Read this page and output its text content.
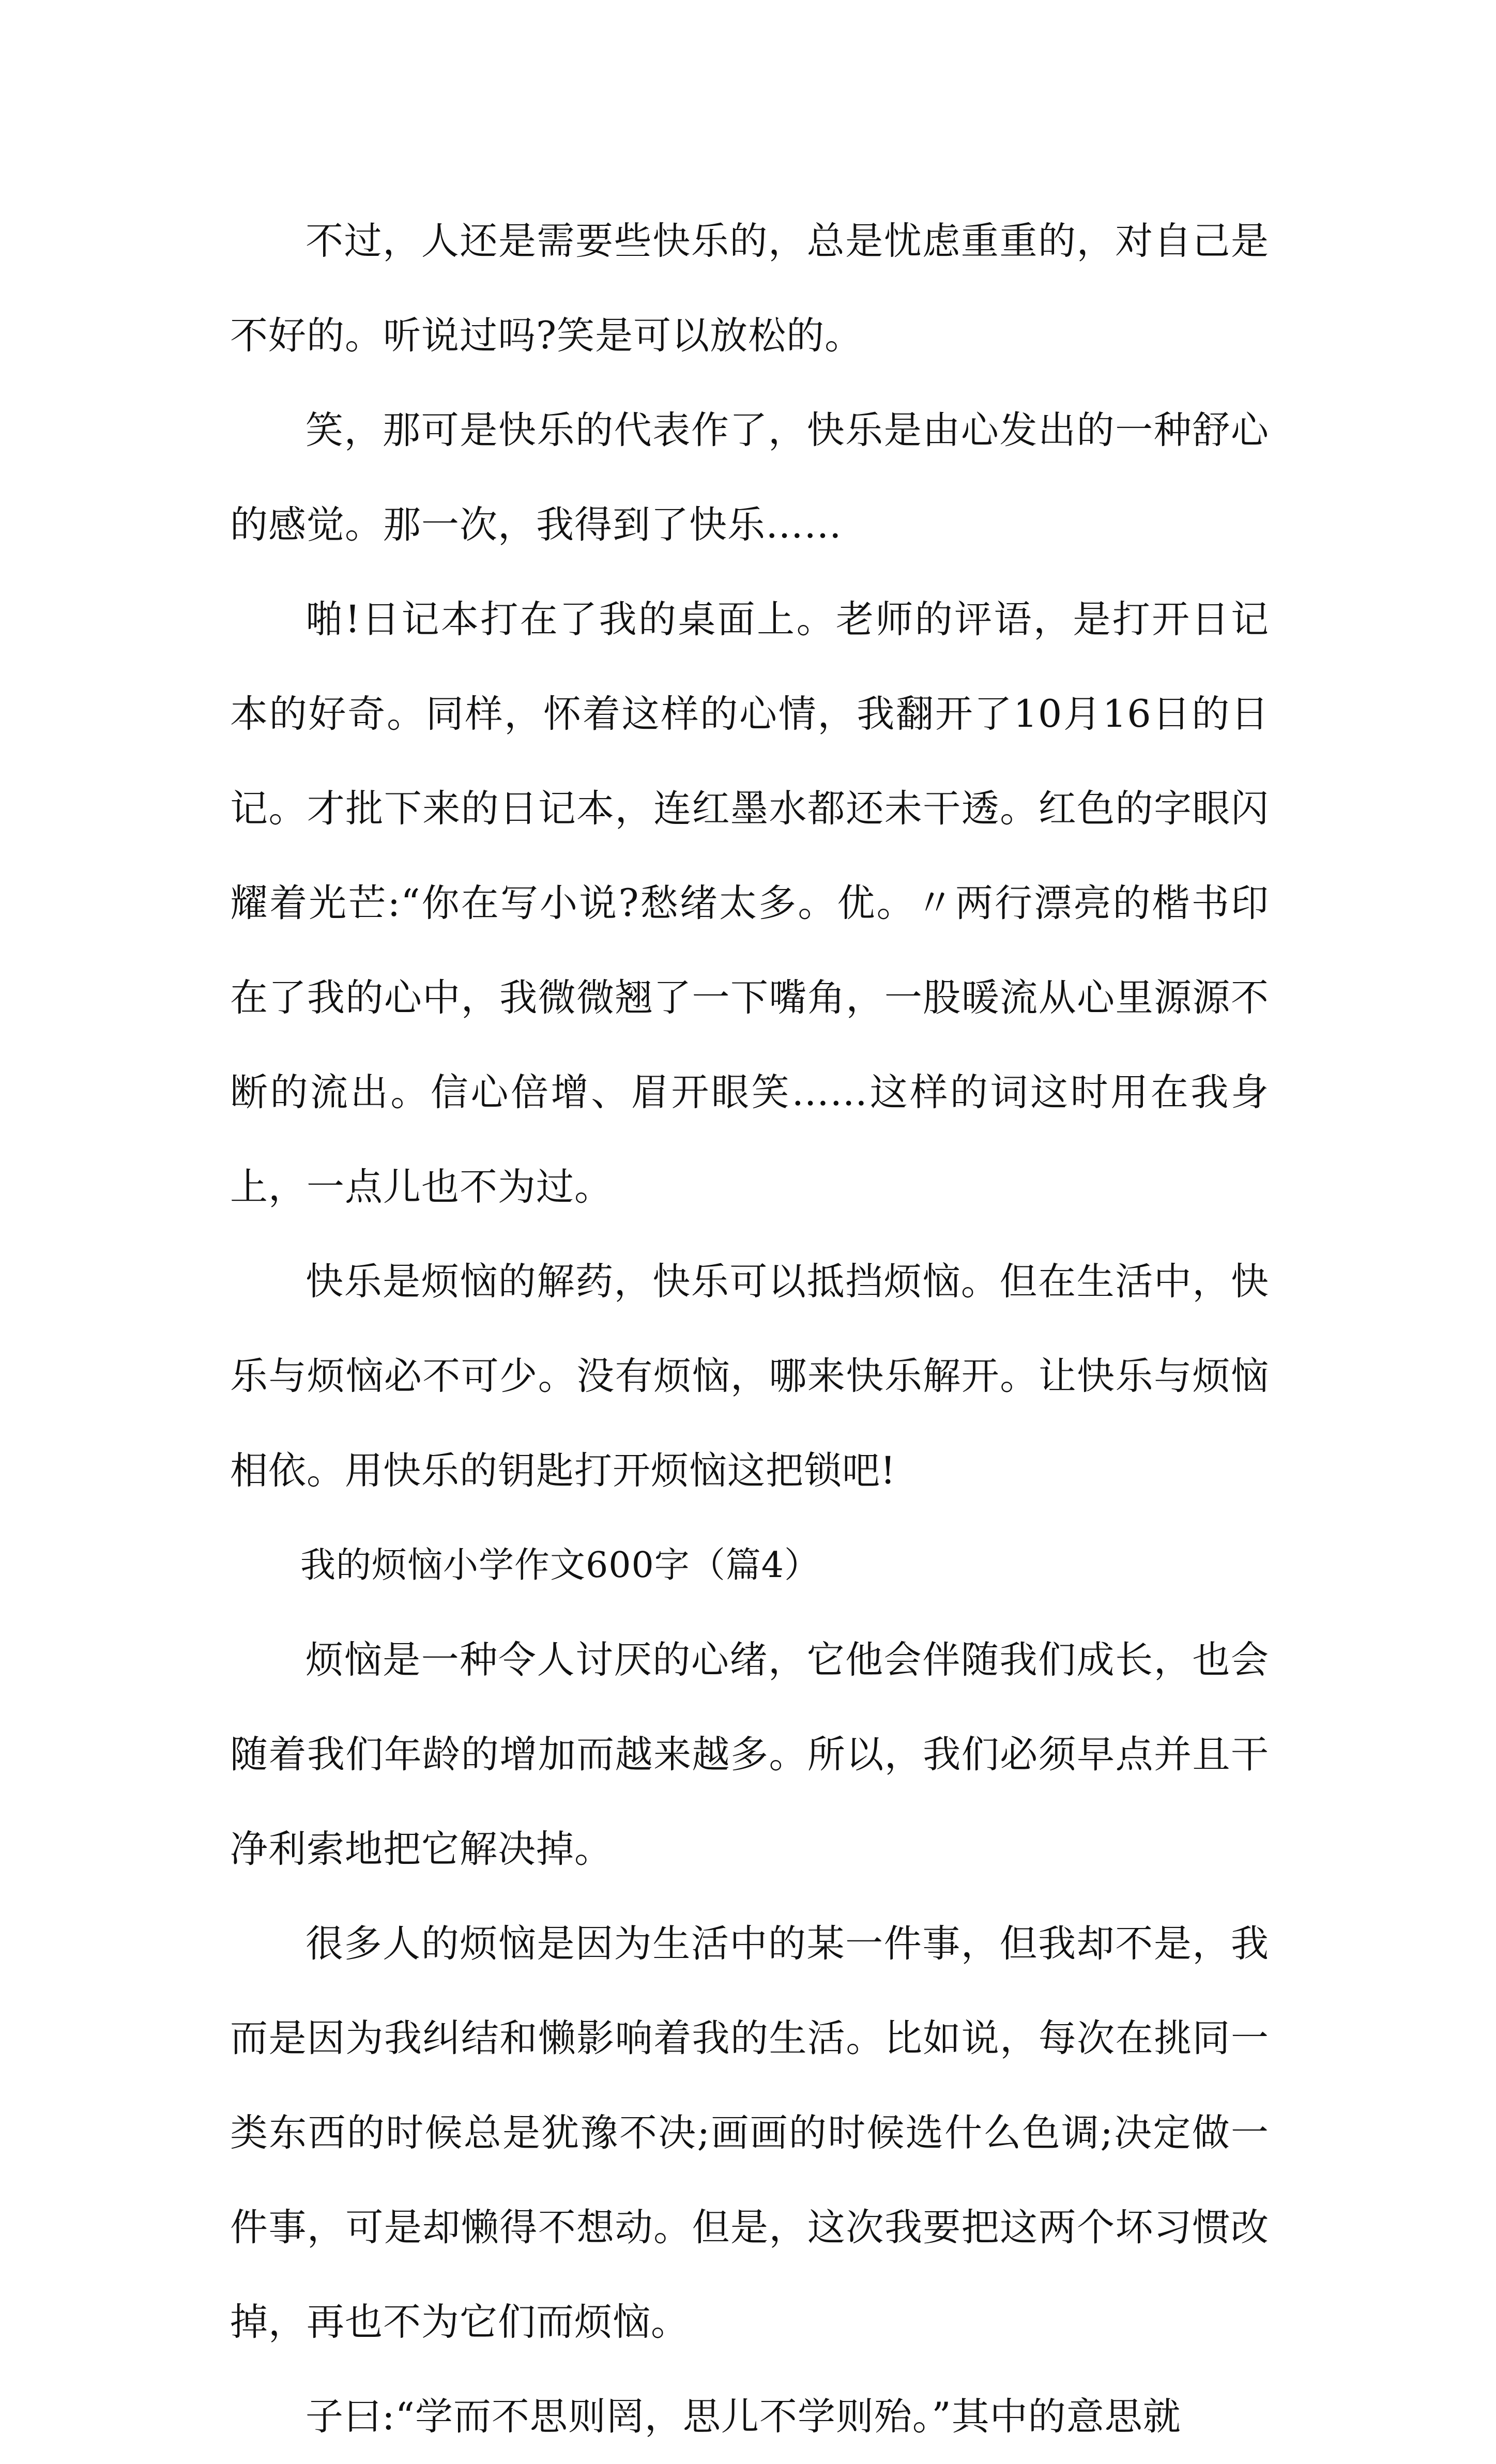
不过，人还是需要些快乐的，总是忧虑重重的，对自己是不好的。听说过吗?笑是可以放松的。

笑，那可是快乐的代表作了，快乐是由心发出的一种舒心的感觉。那一次，我得到了快乐……

啪!日记本打在了我的桌面上。老师的评语，是打开日记本的好奇。同样，怀着这样的心情，我翻开了10月16日的日记。才批下来的日记本，连红墨水都还未干透。红色的字眼闪耀着光芒:“你在写小说?愁绪太多。优。〃两行漂亮的楷书印在了我的心中，我微微翘了一下嘴角，一股暖流从心里源源不断的流出。信心倍增、眉开眼笑……这样的词这时用在我身上，一点儿也不为过。

快乐是烦恼的解药，快乐可以抵挡烦恼。但在生活中，快乐与烦恼必不可少。没有烦恼，哪来快乐解开。让快乐与烦恼相依。用快乐的钥匙打开烦恼这把锁吧!

我的烦恼小学作文600字（篇4）

烦恼是一种令人讨厌的心绪，它他会伴随我们成长，也会随着我们年龄的增加而越来越多。所以，我们必须早点并且干净利索地把它解决掉。

很多人的烦恼是因为生活中的某一件事，但我却不是，我而是因为我纠结和懒影响着我的生活。比如说，每次在挑同一类东西的时候总是犹豫不决;画画的时候选什么色调;决定做一件事，可是却懒得不想动。但是，这次我要把这两个坏习惯改掉，再也不为它们而烦恼。

子曰:“学而不思则罔，思儿不学则殆。”其中的意思就
